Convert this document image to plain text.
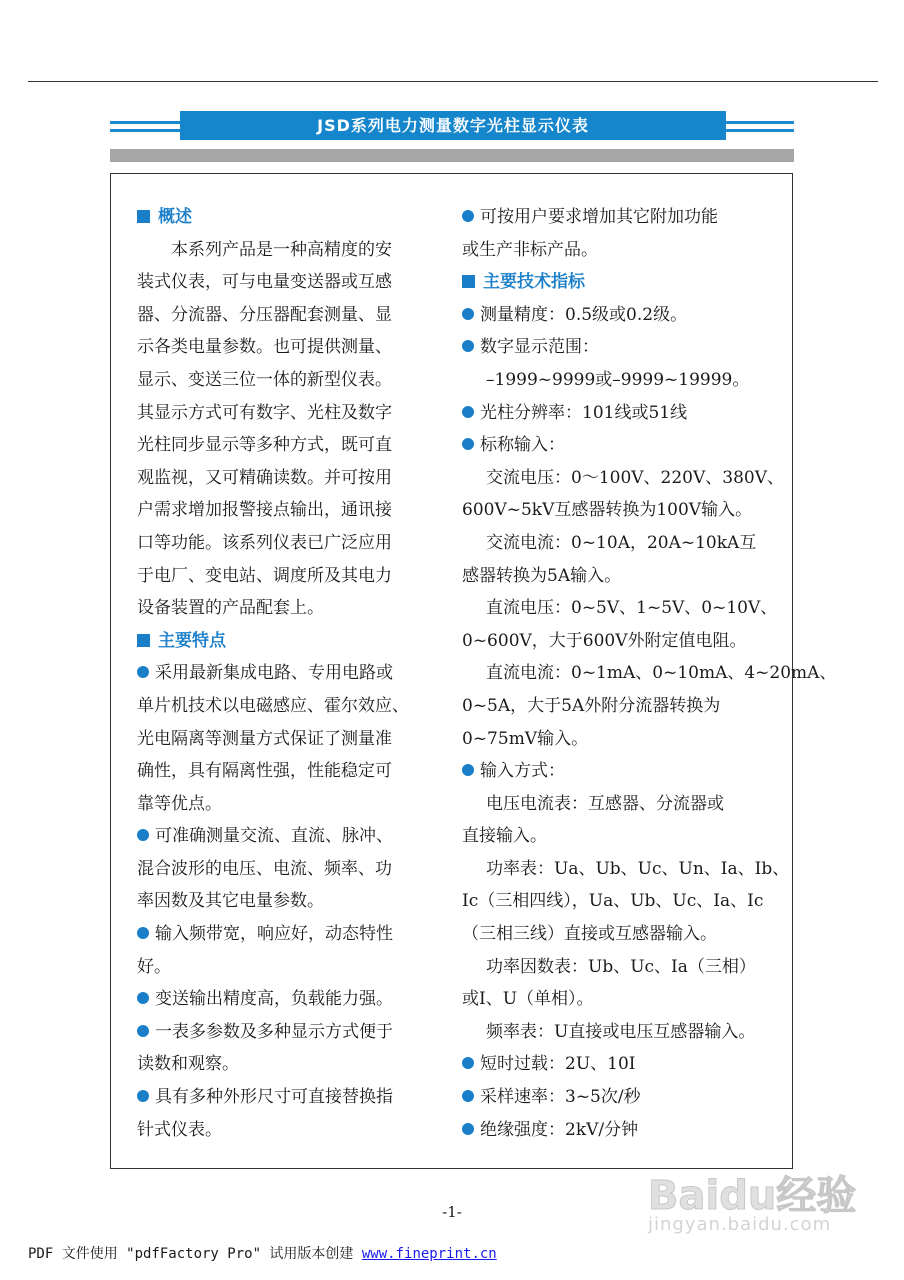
JSD系列电力测量数字光柱显示仪表

概述

本系列产品是一种高精度的安

装式仪表，可与电量变送器或互感

器、分流器、分压器配套测量、显

示各类电量参数。也可提供测量、

显示、变送三位一体的新型仪表。

其显示方式可有数字、光柱及数字

光柱同步显示等多种方式，既可直

观监视，又可精确读数。并可按用

户需求增加报警接点输出，通讯接

口等功能。该系列仪表已广泛应用

于电厂、变电站、调度所及其电力

设备装置的产品配套上。

主要特点

采用最新集成电路、专用电路或

单片机技术以电磁感应、霍尔效应、

光电隔离等测量方式保证了测量准

确性，具有隔离性强，性能稳定可

靠等优点。

可准确测量交流、直流、脉冲、

混合波形的电压、电流、频率、功

率因数及其它电量参数。

输入频带宽，响应好，动态特性

好。

变送输出精度高，负载能力强。

一表多参数及多种显示方式便于

读数和观察。

具有多种外形尺寸可直接替换指

针式仪表。

可按用户要求增加其它附加功能

或生产非标产品。

主要技术指标

测量精度：0.5级或0.2级。

数字显示范围：

–1999~9999或–9999~19999。

光柱分辨率：101线或51线

标称输入：

交流电压：0～100V、220V、380V、

600V~5kV互感器转换为100V输入。

交流电流：0~10A，20A~10kA互

感器转换为5A输入。

直流电压：0~5V、1~5V、0~10V、

0~600V，大于600V外附定值电阻。

直流电流：0~1mA、0~10mA、4~20mA、

0~5A，大于5A外附分流器转换为

0~75mV输入。

输入方式：

电压电流表：互感器、分流器或

直接输入。

功率表：Ua、Ub、Uc、Un、Ia、Ib、

Ic（三相四线），Ua、Ub、Uc、Ia、Ic

（三相三线）直接或互感器输入。

功率因数表：Ub、Uc、Ia（三相）

或I、U（单相）。

频率表：U直接或电压互感器输入。

短时过载：2U、10I

采样速率：3~5次/秒

绝缘强度：2kV/分钟

-1-	Baidu经验
jingyan.baidu.com
PDF 文件使用 "pdfFactory Pro" 试用版本创建 www.fineprint.cn
